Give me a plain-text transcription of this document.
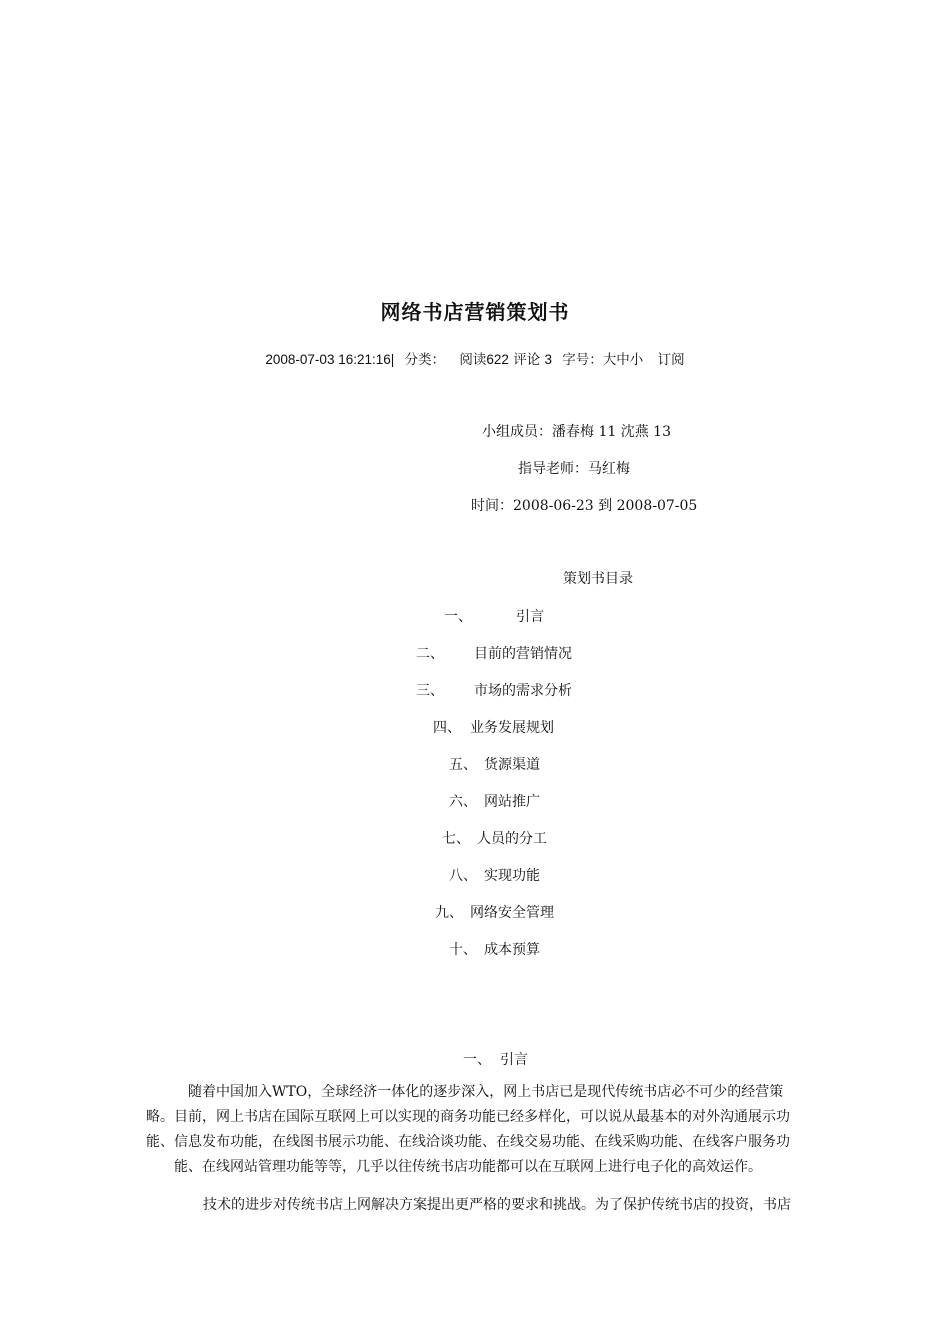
网络书店营销策划书
2008-07-03 16:21:16| 分类： 阅读622 评论 3 字号：大中小 订阅
小组成员：潘春梅 11 沈燕 13
指导老师：马红梅
时间：2008-06-23 到 2008-07-05
策划书目录
一、	引言
二、 目前的营销情况
三、 市场的需求分析
四、 业务发展规划
五、 货源渠道
六、 网站推广
七、 人员的分工
八、 实现功能
九、 网络安全管理
十、 成本预算
一、 引言
随着中国加入WTO，全球经济一体化的逐步深入，网上书店已是现代传统书店必不可少的经营策
略。目前，网上书店在国际互联网上可以实现的商务功能已经多样化，可以说从最基本的对外沟通展示功
能、信息发布功能，在线图书展示功能、在线洽谈功能、在线交易功能、在线采购功能、在线客户服务功
能、在线网站管理功能等等，几乎以往传统书店功能都可以在互联网上进行电子化的高效运作。
技术的进步对传统书店上网解决方案提出更严格的要求和挑战。为了保护传统书店的投资，书店
